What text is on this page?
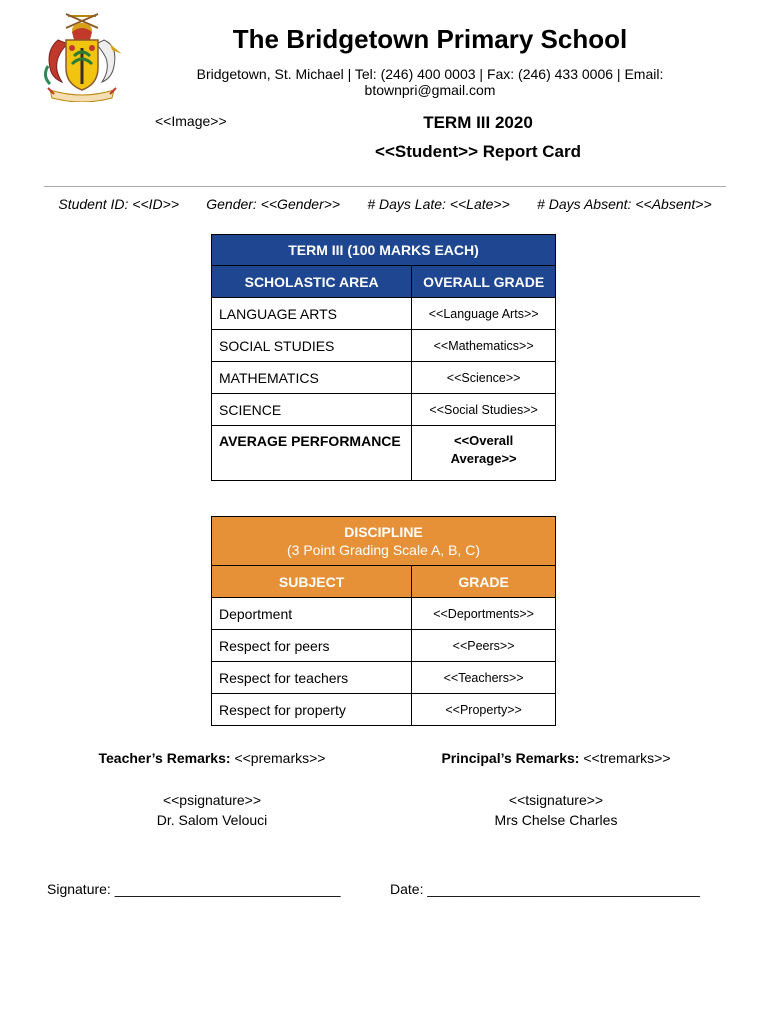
The Bridgetown Primary School
Bridgetown, St. Michael | Tel: (246) 400 0003 | Fax: (246) 433 0006 | Email: btownpri@gmail.com
<<Image>>	TERM III 2020
<<Student>> Report Card
Student ID: <<ID>> Gender: <<Gender>> # Days Late: <<Late>> # Days Absent: <<Absent>>
TERM III (100 MARKS EACH)	
SCHOLASTIC AREA	OVERALL GRADE
LANGUAGE ARTS	<<Language Arts>>
SOCIAL STUDIES	<<Mathematics>>
MATHEMATICS	<<Science>>
SCIENCE	<<Social Studies>>
AVERAGE PERFORMANCE	<<Overall
Average>>
DISCIPLINE
(3 Point Grading Scale A, B, C)	
SUBJECT	GRADE
Deportment	<<Deportments>>
Respect for peers	<<Peers>>
Respect for teachers	<<Teachers>>
Respect for property	<<Property>>
Teacher’s Remarks: <<premarks>>	Principal’s Remarks: <<tremarks>>
<<psignature>>
Dr. Salom Velouci
<<tsignature>>
Mrs Chelse Charles
Signature: _____________________________	Date: ___________________________________
